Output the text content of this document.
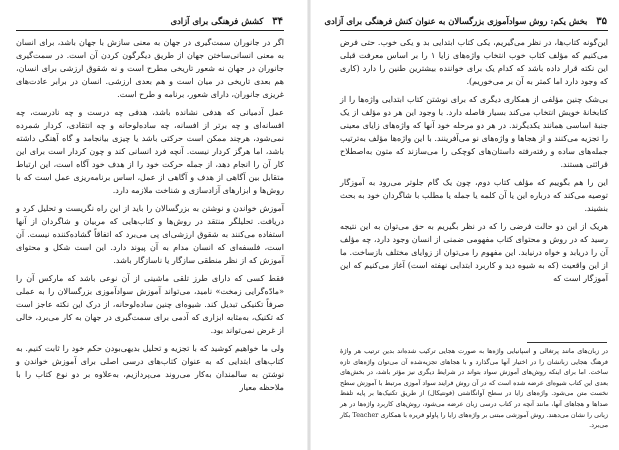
۳۴ کشش فرهنگی برای آزادی

اگر در جانوران سمت‌گیری در جهان به معنی سازش با جهان باشد، برای انسان به معنی انسانی‌ساختن جهان از طریق دیگرگون کردن آن است. در سمت‌گیری جانوران در جهان نه شعور تاریخی مطرح است و نه شقوق ارزشی برای انسان، هم بعدی تاریخی در میان است و هم بعدی ارزشی. انسان در برابر عادت‌های غریزی جانوران، دارای شعور، برنامه و طرح است.

عمل آدمیانی که هدفی نشانده باشد، هدفی چه درست و چه نادرست، چه افسانه‌ای و چه برتر از افسانه، چه ساده‌لوحانه و چه انتقادی، کردار شمرده نمی‌شود، هرچند ممکن است حرکتی باشد یا چیزی بیانجامد و گاه آهنگی داشته باشد، اما هرگز کردار نیست. آنچه فرد انسانی کند و چون کردار است برای این کار آن را انجام دهد، از جمله حرکت خود را از هدف خود آگاه است، این ارتباط متقابل بین آگاهی از هدف و آگاهی از عمل، اساس برنامه‌ریزی عمل است که با روش‌ها و ابزارهای آزادسازی و شناخت ملازمه دارد.

آموزش خواندن و نوشتن به بزرگسالان را باید از این راه نگریست و تحلیل کرد و دریافت. تحلیلگر منتقد در روش‌ها و کتاب‌هایی که مربیان و شاگردان از آنها استفاده می‌کنند به شقوق ارزشی‌ای پی می‌برد که اتفاقاً گشاده‌کننده نیست. آن است، فلسفه‌ای که انسان مدام به آن پیوند دارد. این است شکل و محتوای آموزش که از نظر منطقی سازگار یا ناسازگار باشد.

فقط کسی که دارای طرز تلقی ماشینی از آن نوعی باشد که مارکس آن را «مادّه‌گرایی زمخت» نامید، می‌تواند آموزش سوادآموزی بزرگسالان را به عملی صرفاً تکنیکی تبدیل کند. شیوه‌ای چنین ساده‌لوحانه، از درک این نکته عاجز است که تکنیک، به‌مثابه ابزاری که آدمی برای سمت‌گیری در جهان به کار می‌برد، خالی از غرض نمی‌تواند بود.

ولی ما خواهیم کوشید که با تجزیه و تحلیل بدیهی‌بودن حکم خود را ثابت کنیم. به کتاب‌های ابتدایی که به عنوان کتاب‌های درسی اصلی برای آموزش خواندن و نوشتن به سالمندان به‌کار می‌روند می‌پردازیم، به‌علاوه بر دو نوع کتاب را با ملاحظه معیار

۳۵ بخش یکم: روش سوادآموزی بزرگسالان به عنوان کنش فرهنگی برای آزادی

این‌گونه کتاب‌ها، در نظر می‌گیریم، یکی کتاب ابتدایی بد و یکی خوب. حتی فرض می‌کنیم که مؤلف کتاب خوب انتخاب واژه‌های زایا ۱ را بر اساس معرفت قبلی این نکته قرار داده باشد که کدام یک برای خواننده بیشترین طنین را دارد (کاری که وجود دارد اما کمتر به آن بر می‌خوریم).

بی‌شک چنین مؤلفی از همکاری دیگری که برای نوشتن کتاب ابتدایی واژه‌ها را از کتابخانهٔ خویش انتخاب می‌کند بسیار فاصله دارد. با وجود این هر دو مؤلف از یک جنبهٔ اساسی همانند یکدیگرند. در هر دو مرحله خود آنها که واژه‌های زایای معینی را تجزیه می‌کنند و از هجاها و واژه‌های نو می‌آفرینند. با این واژه‌ها مؤلف به‌ترتیب جمله‌های ساده و رفته‌رفته داستان‌های کوچکی را می‌سازند که متون به‌اصطلاح قرائتی هستند.

این را هم بگوییم که مؤلف کتاب دوم، چون یک گام جلوتر می‌رود به آموزگار توصیه می‌کند که درباره این یا آن کلمه یا جمله یا مطلب با شاگردان خود به بحث بنشیند.

هریک از این دو حالت فرضی را که در نظر بگیریم به حق می‌توان به این نتیجه رسید که در روش و محتوای کتاب مفهومی ضمنی از انسان وجود دارد، چه مؤلف آن را دریابد و خواه درنیابد. این مفهوم را می‌توان از زوایای مختلف بازساخت. ما از این واقعیت (که به شیوه دید و کاربرد ابتدایی نهفته است) آغاز می‌کنیم که این آموزگار است که

در زبان‌های مانند پرتغالی و اسپانیایی واژه‌ها به صورت هجایی ترکیب شده‌اند بدین ترتیب هر واژهٔ فرهنگ هجایی زبانشان را در اختیار آنها می‌گذارد و با هجاهای تجزیه‌شده آن می‌توان واژه‌های تازه ساخت. اما برای اینکه روش‌های آموزش سواد بتواند در شرایط دیگری نیز مؤثر باشد، در بخش‌های بعدی این کتاب شیوه‌ای عرضه شده است که در آن روش فرایند سواد آموزی مرتبط با آموزش سطح نخست متن می‌شود. واژه‌های زایا در سطح آوانگاشتی (فونتیکال) از طریق تکنیک‌ها بر پایه تلفظ صداها و هجاهای آنها، مانند آنچه در کتاب درسی زبان عرضه می‌شود، روش‌های کاربرد واژه‌ها در هر زبانی را نشان می‌دهند. روش آموزشی مبتنی بر واژه‌های زایا را پاولو فریره با همکاری Teacher بکار می‌برد.
